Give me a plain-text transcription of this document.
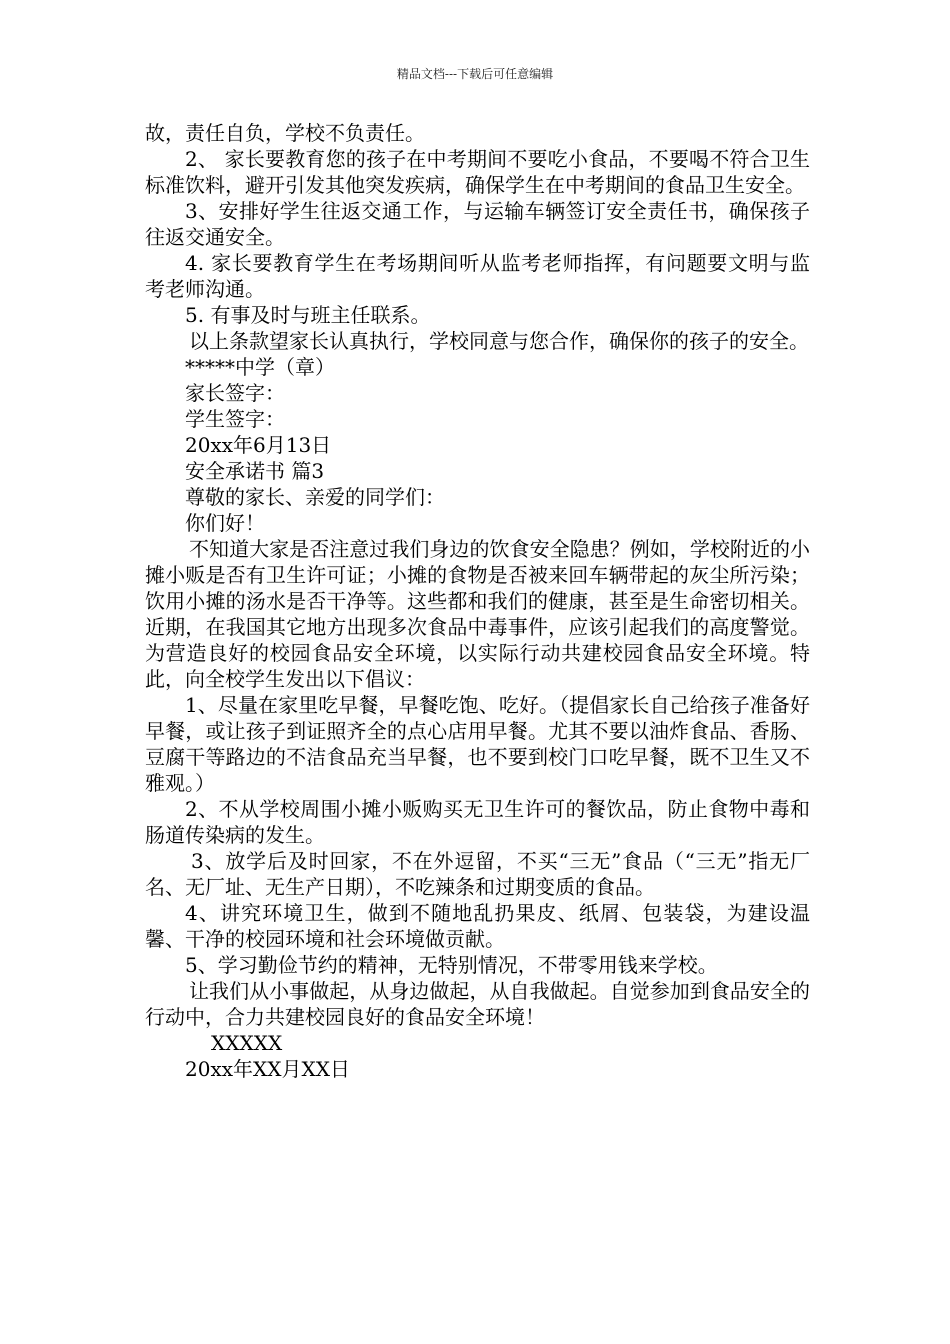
精品文档---下载后可任意编辑

故，责任自负，学校不负责任。

2、 家长要教育您的孩子在中考期间不要吃小食品，不要喝不符合卫生标准饮料，避开引发其他突发疾病，确保学生在中考期间的食品卫生安全。

3、安排好学生往返交通工作，与运输车辆签订安全责任书，确保孩子往返交通安全。

4. 家长要教育学生在考场期间听从监考老师指挥，有问题要文明与监考老师沟通。

5. 有事及时与班主任联系。

以上条款望家长认真执行，学校同意与您合作，确保你的孩子的安全。

*****中学（章）

家长签字：

学生签字：

20xx年6月13日

安全承诺书 篇3

尊敬的家长、亲爱的同学们：

你们好！

不知道大家是否注意过我们身边的饮食安全隐患？例如，学校附近的小摊小贩是否有卫生许可证；小摊的食物是否被来回车辆带起的灰尘所污染；饮用小摊的汤水是否干净等。这些都和我们的健康，甚至是生命密切相关。近期，在我国其它地方出现多次食品中毒事件，应该引起我们的高度警觉。为营造良好的校园食品安全环境，以实际行动共建校园食品安全环境。特此，向全校学生发出以下倡议：

1、尽量在家里吃早餐，早餐吃饱、吃好。（提倡家长自己给孩子准备好早餐，或让孩子到证照齐全的点心店用早餐。尤其不要以油炸食品、香肠、豆腐干等路边的不洁食品充当早餐，也不要到校门口吃早餐，既不卫生又不雅观。）

2、不从学校周围小摊小贩购买无卫生许可的餐饮品，防止食物中毒和肠道传染病的发生。

3、放学后及时回家，不在外逗留，不买“三无”食品（“三无”指无厂名、无厂址、无生产日期），不吃辣条和过期变质的食品。

4、讲究环境卫生，做到不随地乱扔果皮、纸屑、包装袋，为建设温馨、干净的校园环境和社会环境做贡献。

5、学习勤俭节约的精神，无特别情况，不带零用钱来学校。

让我们从小事做起，从身边做起，从自我做起。自觉参加到食品安全的行动中，合力共建校园良好的食品安全环境！

XXXXX

20xx年XX月XX日
